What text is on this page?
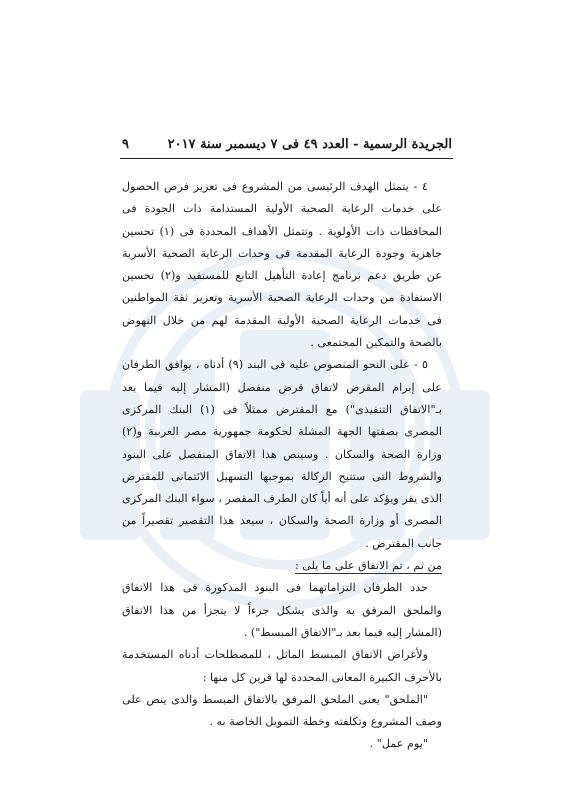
الجريدة الرسمية - العدد ٤٩ فى ٧ ديسمبر سنة ٢٠١٧
٩

٤ - يتمثل الهدف الرئيسى من المشروع فى تعزيز فرص الحصول على خدمات الرعاية الصحية الأولية المستدامة ذات الجودة فى المحافظات ذات الأولوية . وتتمثل الأهداف المحددة فى (١) تحسين جاهزية وجودة الرعاية المقدمة فى وحدات الرعاية الصحية الأسرية عن طريق دعم برنامج إعادة التأهيل التابع للمستفيد و(٢) تحسين الاستفادة من وحدات الرعاية الصحية الأسرية وتعزيز ثقة المواطنين فى خدمات الرعاية الصحية الأولية المقدمة لهم من خلال النهوض بالصحة والتمكين المجتمعى .

٥ - على النحو المنصوص عليه فى البند (٩) أدناه ، يوافق الطرفان على إبرام المقرض لاتفاق قرض منفصل (المشار إليه فيما بعد بـ"الاتفاق التنفيذى") مع المقترض ممثلاً فى (١) البنك المركزى المصرى بصفتها الجهة المشلة لحكومة جمهورية مصر العربية و(٢) وزارة الصحة والسكان . وسينص هذا الاتفاق المنفصل على البنود والشروط التى ستتيح الركالة بموجبها التسهيل الائتمانى للمقترض الذى يقر ويؤكد على أنه أياً كان الطرف المقصر ، سواء البنك المركزى المصرى أو وزارة الصحة والسكان ، سيعد هذا التقصير تقصيراً من جانب المقترض .

من ثم ، تم الاتفاق على ما يلى :

حدد الطرفان التزاماتهما فى البنود المذكورة فى هذا الاتفاق والملحق المرفق به والذى يشكل جزءاً لا يتجزأ من هذا الاتفاق (المشار إليه فيما بعد بـ"الاتفاق المبسط") .

ولأغراض الاتفاق المبسط الماثل ، للمصطلحات أدناه المستخدمة بالأحرف الكبيرة المعانى المحددة لها قرين كل منها :

"الملحق" يعنى الملحق المرفق بالاتفاق المبسط والذى ينص على وصف المشروع وتكلفته وخطة التمويل الخاصة به .

"يوم عمل" .
